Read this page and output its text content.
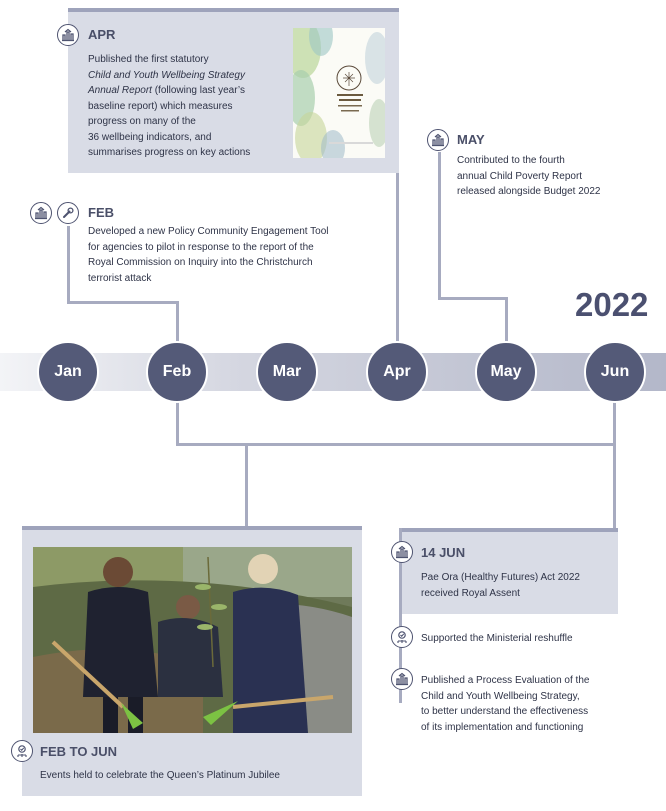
APR
Published the first statutory
Child and Youth Wellbeing Strategy
Annual Report (following last year’s
baseline report) which measures
progress on many of the
36 wellbeing indicators, and
summarises progress on key actions
MAY
Contributed to the fourth
annual Child Poverty Report
released alongside Budget 2022
FEB
Developed a new Policy Community Engagement Tool
for agencies to pilot in response to the report of the
Royal Commission on Inquiry into the Christchurch
terrorist attack
2022
Jan	Feb	Mar	Apr	May	Jun
FEB TO JUN
Events held to celebrate the Queen’s Platinum Jubilee
14 JUN
Pae Ora (Healthy Futures) Act 2022
received Royal Assent
Supported the Ministerial reshuffle
Published a Process Evaluation of the
Child and Youth Wellbeing Strategy,
to better understand the effectiveness
of its implementation and functioning
